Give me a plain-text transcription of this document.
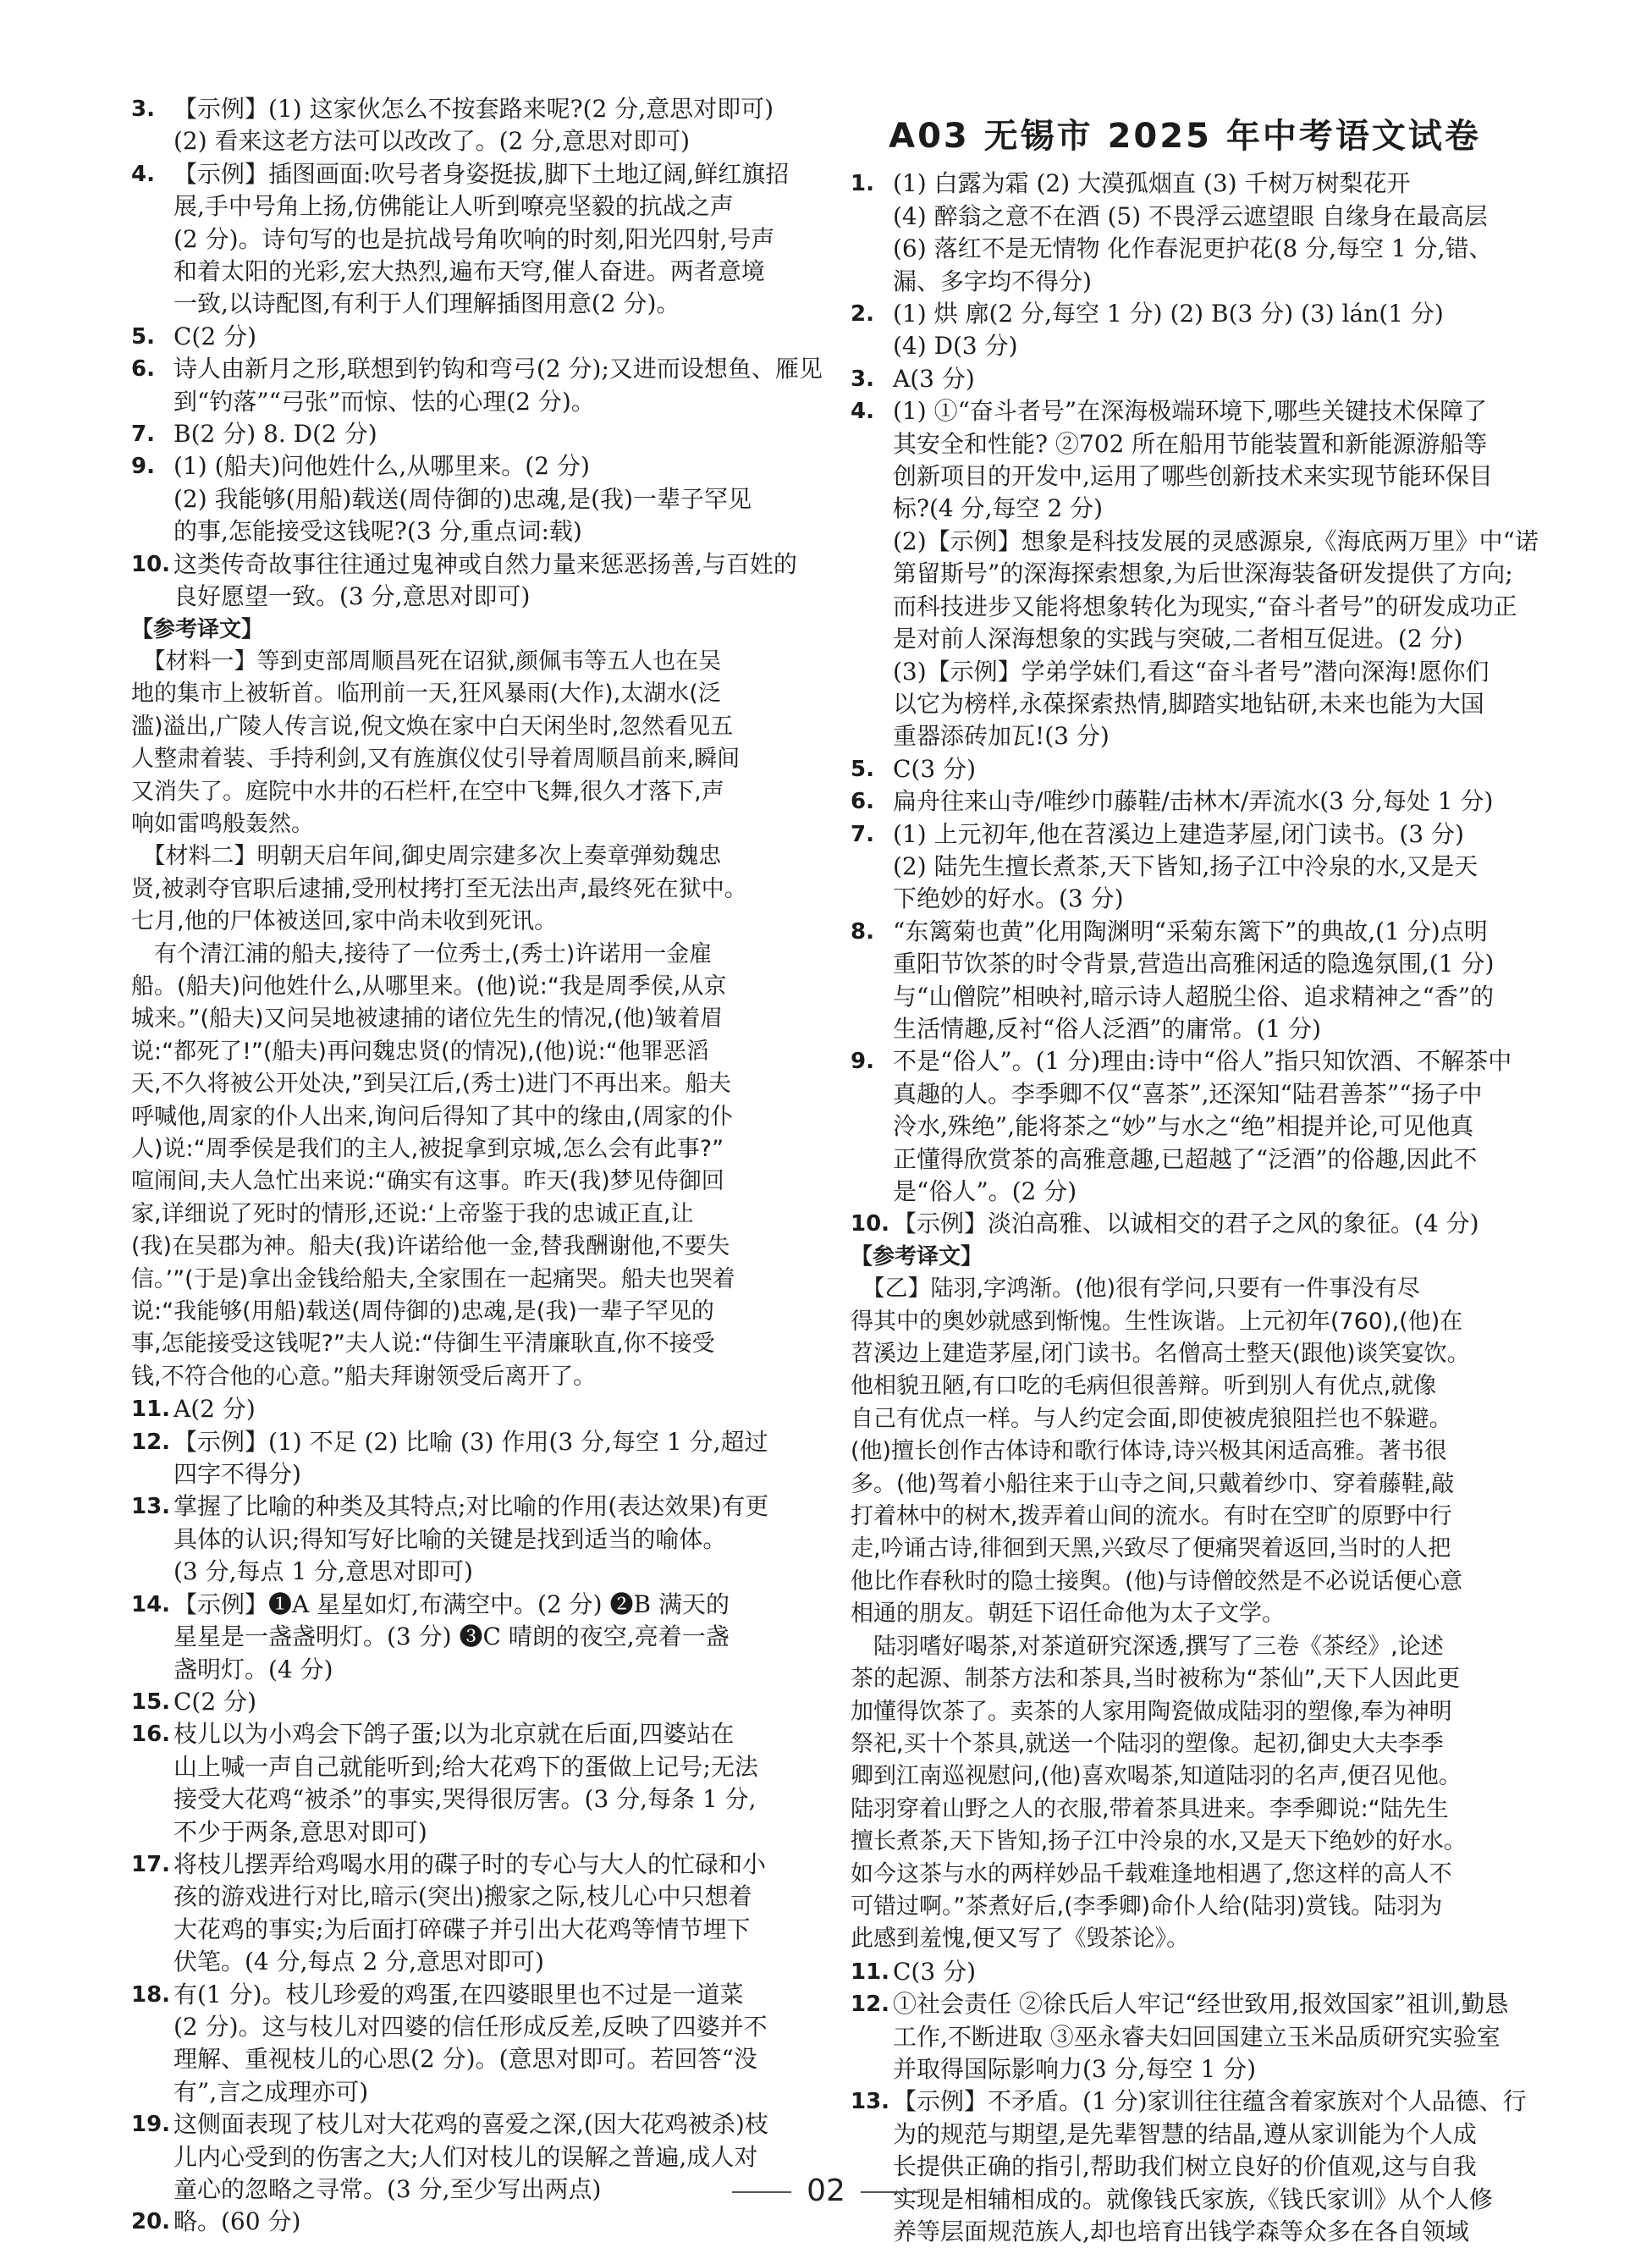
3. 【示例】(1) 这家伙怎么不按套路来呢?(2 分,意思对即可)
(2) 看来这老方法可以改改了。(2 分,意思对即可)
4. 【示例】插图画面:吹号者身姿挺拔,脚下土地辽阔,鲜红旗招
展,手中号角上扬,仿佛能让人听到嘹亮坚毅的抗战之声
(2 分)。诗句写的也是抗战号角吹响的时刻,阳光四射,号声
和着太阳的光彩,宏大热烈,遍布天穹,催人奋进。两者意境
一致,以诗配图,有利于人们理解插图用意(2 分)。
5. C(2 分)
6. 诗人由新月之形,联想到钓钩和弯弓(2 分);又进而设想鱼、雁见
到“钓落”“弓张”而惊、怯的心理(2 分)。
7. B(2 分) 8. D(2 分)
9. (1) (船夫)问他姓什么,从哪里来。(2 分)
(2) 我能够(用船)载送(周侍御的)忠魂,是(我)一辈子罕见
的事,怎能接受这钱呢?(3 分,重点词:载)
10. 这类传奇故事往往通过鬼神或自然力量来惩恶扬善,与百姓的
良好愿望一致。(3 分,意思对即可)
【参考译文】
　【材料一】等到吏部周顺昌死在诏狱,颜佩韦等五人也在吴
地的集市上被斩首。临刑前一天,狂风暴雨(大作),太湖水(泛
滥)溢出,广陵人传言说,倪文焕在家中白天闲坐时,忽然看见五
人整肃着装、手持利剑,又有旌旗仪仗引导着周顺昌前来,瞬间
又消失了。庭院中水井的石栏杆,在空中飞舞,很久才落下,声
响如雷鸣般轰然。
　【材料二】明朝天启年间,御史周宗建多次上奏章弹劾魏忠
贤,被剥夺官职后逮捕,受刑杖拷打至无法出声,最终死在狱中。
七月,他的尸体被送回,家中尚未收到死讯。
　有个清江浦的船夫,接待了一位秀士,(秀士)许诺用一金雇
船。(船夫)问他姓什么,从哪里来。(他)说:“我是周季侯,从京
城来。”(船夫)又问吴地被逮捕的诸位先生的情况,(他)皱着眉
说:“都死了!”(船夫)再问魏忠贤(的情况),(他)说:“他罪恶滔
天,不久将被公开处决,”到吴江后,(秀士)进门不再出来。船夫
呼喊他,周家的仆人出来,询问后得知了其中的缘由,(周家的仆
人)说:“周季侯是我们的主人,被捉拿到京城,怎么会有此事?”
喧闹间,夫人急忙出来说:“确实有这事。昨天(我)梦见侍御回
家,详细说了死时的情形,还说:‘上帝鉴于我的忠诚正直,让
(我)在吴郡为神。船夫(我)许诺给他一金,替我酬谢他,不要失
信。’”(于是)拿出金钱给船夫,全家围在一起痛哭。船夫也哭着
说:“我能够(用船)载送(周侍御的)忠魂,是(我)一辈子罕见的
事,怎能接受这钱呢?”夫人说:“侍御生平清廉耿直,你不接受
钱,不符合他的心意。”船夫拜谢领受后离开了。
11. A(2 分)
12. 【示例】(1) 不足 (2) 比喻 (3) 作用(3 分,每空 1 分,超过
四字不得分)
13. 掌握了比喻的种类及其特点;对比喻的作用(表达效果)有更
具体的认识;得知写好比喻的关键是找到适当的喻体。
(3 分,每点 1 分,意思对即可)
14. 【示例】❶A 星星如灯,布满空中。(2 分) ❷B 满天的
星星是一盏盏明灯。(3 分) ❸C 晴朗的夜空,亮着一盏
盏明灯。(4 分)
15. C(2 分)
16. 枝儿以为小鸡会下鸽子蛋;以为北京就在后面,四婆站在
山上喊一声自己就能听到;给大花鸡下的蛋做上记号;无法
接受大花鸡“被杀”的事实,哭得很厉害。(3 分,每条 1 分,
不少于两条,意思对即可)
17. 将枝儿摆弄给鸡喝水用的碟子时的专心与大人的忙碌和小
孩的游戏进行对比,暗示(突出)搬家之际,枝儿心中只想着
大花鸡的事实;为后面打碎碟子并引出大花鸡等情节埋下
伏笔。(4 分,每点 2 分,意思对即可)
18. 有(1 分)。枝儿珍爱的鸡蛋,在四婆眼里也不过是一道菜
(2 分)。这与枝儿对四婆的信任形成反差,反映了四婆并不
理解、重视枝儿的心思(2 分)。(意思对即可。若回答“没
有”,言之成理亦可)
19. 这侧面表现了枝儿对大花鸡的喜爱之深,(因大花鸡被杀)枝
儿内心受到的伤害之大;人们对枝儿的误解之普遍,成人对
童心的忽略之寻常。(3 分,至少写出两点)
20. 略。(60 分)
A03 无锡市 2025 年中考语文试卷
1. (1) 白露为霜 (2) 大漠孤烟直 (3) 千树万树梨花开
(4) 醉翁之意不在酒 (5) 不畏浮云遮望眼 自缘身在最高层
(6) 落红不是无情物 化作春泥更护花(8 分,每空 1 分,错、
漏、多字均不得分)
2. (1) 烘 廓(2 分,每空 1 分) (2) B(3 分) (3) lán(1 分)
(4) D(3 分)
3. A(3 分)
4. (1) ①“奋斗者号”在深海极端环境下,哪些关键技术保障了
其安全和性能? ②702 所在船用节能装置和新能源游船等
创新项目的开发中,运用了哪些创新技术来实现节能环保目
标?(4 分,每空 2 分)
(2)【示例】想象是科技发展的灵感源泉,《海底两万里》中“诺
第留斯号”的深海探索想象,为后世深海装备研发提供了方向;
而科技进步又能将想象转化为现实,“奋斗者号”的研发成功正
是对前人深海想象的实践与突破,二者相互促进。(2 分)
(3)【示例】学弟学妹们,看这“奋斗者号”潜向深海!愿你们
以它为榜样,永葆探索热情,脚踏实地钻研,未来也能为大国
重器添砖加瓦!(3 分)
5. C(3 分)
6. 扁舟往来山寺/唯纱巾藤鞋/击林木/弄流水(3 分,每处 1 分)
7. (1) 上元初年,他在苕溪边上建造茅屋,闭门读书。(3 分)
(2) 陆先生擅长煮茶,天下皆知,扬子江中泠泉的水,又是天
下绝妙的好水。(3 分)
8. “东篱菊也黄”化用陶渊明“采菊东篱下”的典故,(1 分)点明
重阳节饮茶的时令背景,营造出高雅闲适的隐逸氛围,(1 分)
与“山僧院”相映衬,暗示诗人超脱尘俗、追求精神之“香”的
生活情趣,反衬“俗人泛酒”的庸常。(1 分)
9. 不是“俗人”。(1 分)理由:诗中“俗人”指只知饮酒、不解茶中
真趣的人。李季卿不仅“喜茶”,还深知“陆君善茶”“扬子中
泠水,殊绝”,能将茶之“妙”与水之“绝”相提并论,可见他真
正懂得欣赏茶的高雅意趣,已超越了“泛酒”的俗趣,因此不
是“俗人”。(2 分)
10. 【示例】淡泊高雅、以诚相交的君子之风的象征。(4 分)
【参考译文】
　【乙】陆羽,字鸿渐。(他)很有学问,只要有一件事没有尽
得其中的奥妙就感到惭愧。生性诙谐。上元初年(760),(他)在
苕溪边上建造茅屋,闭门读书。名僧高士整天(跟他)谈笑宴饮。
他相貌丑陋,有口吃的毛病但很善辩。听到别人有优点,就像
自己有优点一样。与人约定会面,即使被虎狼阻拦也不躲避。
(他)擅长创作古体诗和歌行体诗,诗兴极其闲适高雅。著书很
多。(他)驾着小船往来于山寺之间,只戴着纱巾、穿着藤鞋,敲
打着林中的树木,拨弄着山间的流水。有时在空旷的原野中行
走,吟诵古诗,徘徊到天黑,兴致尽了便痛哭着返回,当时的人把
他比作春秋时的隐士接舆。(他)与诗僧皎然是不必说话便心意
相通的朋友。朝廷下诏任命他为太子文学。
　陆羽嗜好喝茶,对茶道研究深透,撰写了三卷《茶经》,论述
茶的起源、制茶方法和茶具,当时被称为“茶仙”,天下人因此更
加懂得饮茶了。卖茶的人家用陶瓷做成陆羽的塑像,奉为神明
祭祀,买十个茶具,就送一个陆羽的塑像。起初,御史大夫李季
卿到江南巡视慰问,(他)喜欢喝茶,知道陆羽的名声,便召见他。
陆羽穿着山野之人的衣服,带着茶具进来。李季卿说:“陆先生
擅长煮茶,天下皆知,扬子江中泠泉的水,又是天下绝妙的好水。
如今这茶与水的两样妙品千载难逢地相遇了,您这样的高人不
可错过啊。”茶煮好后,(李季卿)命仆人给(陆羽)赏钱。陆羽为
此感到羞愧,便又写了《毁茶论》。
11. C(3 分)
12. ①社会责任 ②徐氏后人牢记“经世致用,报效国家”祖训,勤恳
工作,不断进取 ③巫永睿夫妇回国建立玉米品质研究实验室
并取得国际影响力(3 分,每空 1 分)
13. 【示例】不矛盾。(1 分)家训往往蕴含着家族对个人品德、行
为的规范与期望,是先辈智慧的结晶,遵从家训能为个人成
长提供正确的指引,帮助我们树立良好的价值观,这与自我
实现是相辅相成的。就像钱氏家族,《钱氏家训》从个人修
养等层面规范族人,却也培育出钱学森等众多在各自领域
02
